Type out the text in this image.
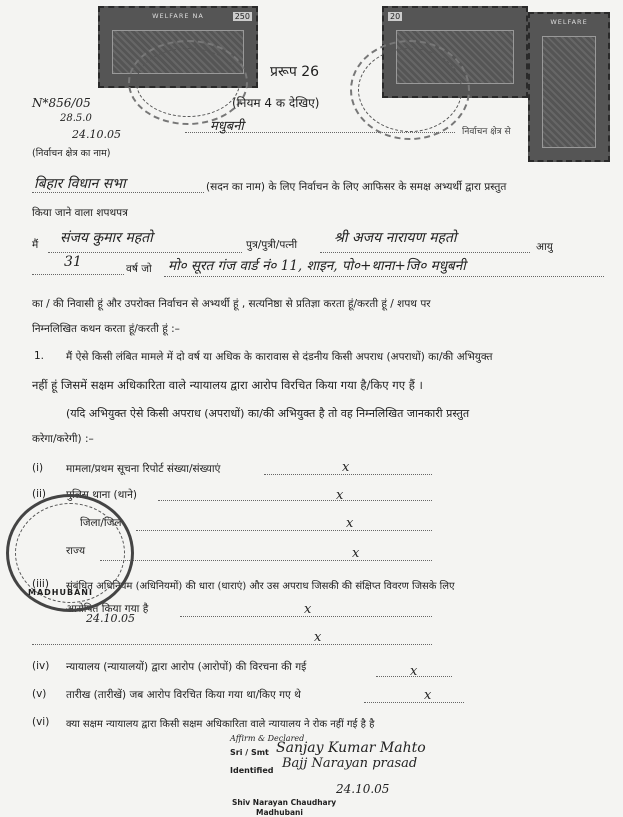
WELFARE NA	250	20
WELFARE
प्ररूप 26
(नियम 4 क देखिए)
N*856/05
28.5.0
24.10.05
मधुबनी	निर्वाचन क्षेत्र से
(निर्वाचन क्षेत्र का नाम)
बिहार विधान सभा	(सदन का नाम) के लिए निर्वाचन के लिए आफिसर के समक्ष अभ्यर्थी द्वारा प्रस्तुत
किया जाने वाला शपथपत्र
मैं संजय कुमार महतो	पुत्र/पुत्री/पत्नी	श्री अजय नारायण महतो
आयु
31	वर्ष जो मो० सूरत गंज वार्ड नं० 11, शाइन, पो०+थाना+जि० मधुबनी
का / की निवासी हूं और उपरोक्त निर्वाचन से अभ्यर्थी हूं , सत्यनिष्ठा से प्रतिज्ञा करता हूं/करती हूं / शपथ पर
निम्नलिखित कथन करता हूं/करती हूं :–
1. मैं ऐसे किसी लंबित मामले में दो वर्ष या अधिक के कारावास से दंडनीय किसी अपराध (अपराधों) का/की अभियुक्त
नहीं हूं जिसमें सक्षम अधिकारिता वाले न्यायालय द्वारा आरोप विरचित किया गया है/किए गए हैं ।
(यदि अभियुक्त ऐसे किसी अपराध (अपराधों) का/की अभियुक्त है तो वह निम्नलिखित जानकारी प्रस्तुत
करेगा/करेगी) :–
(i) मामला/प्रथम सूचना रिपोर्ट संख्या/संख्याएं	x
(ii) पुलिस थाना (थाने)	x
जिला/जिले	x
राज्य	x
(iii) संबंधित अधिनियम (अधिनियमों) की धारा (धाराएं) और उस अपराध जिसकी की संक्षिप्त विवरण जिसके लिए
आरोपित किया गया है	x
x
(iv) न्यायालय (न्यायालयों) द्वारा आरोप (आरोपों) की विरचना की गई	x
(v) तारीख (तारीखें) जब आरोप विरचित किया गया था/किए गए थे	x
(vi) क्या सक्षम न्यायालय द्वारा किसी सक्षम अधिकारिता वाले न्यायालय ने रोक नहीं गई है है
MADHUBANI
24.10.05
Affirm & Declared
Sri / Smt Sanjay Kumar Mahto
Identified Bajj Narayan prasad
24.10.05
Shiv Narayan Chaudhary
Madhubani
